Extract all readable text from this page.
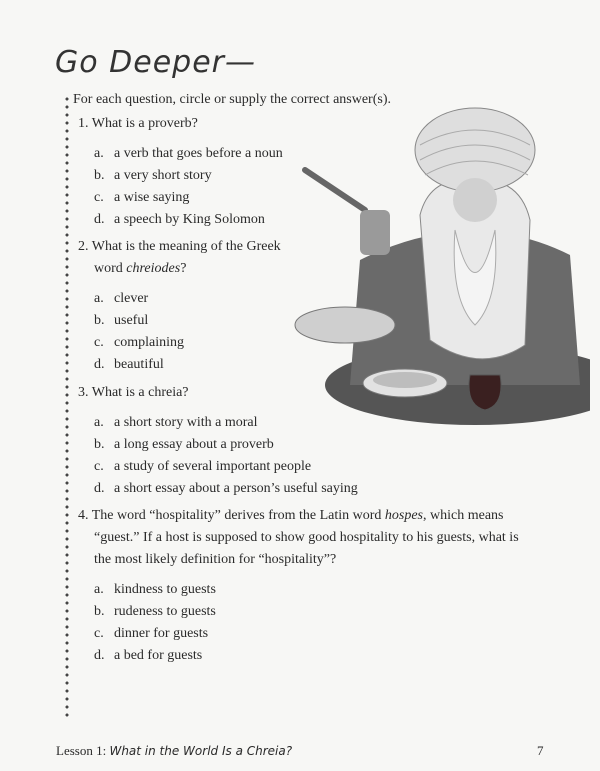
Go Deeper—
For each question, circle or supply the correct answer(s).

1. What is a proverb?

a. a verb that goes before a noun
b. a very short story
c. a wise saying
d. a speech by King Solomon

2. What is the meaning of the Greek
word chreiodes?

a. clever
b. useful
c. complaining
d. beautiful

3. What is a chreia?

a. a short story with a moral
b. a long essay about a proverb
c. a study of several important people
d. a short essay about a person’s useful saying

4. The word “hospitality” derives from the Latin word hospes, which means
“guest.” If a host is supposed to show good hospitality to his guests, what is
the most likely definition for “hospitality”?

a. kindness to guests
b. rudeness to guests
c. dinner for guests
d. a bed for guests
Lesson 1: What in the World Is a Chreia?	7
